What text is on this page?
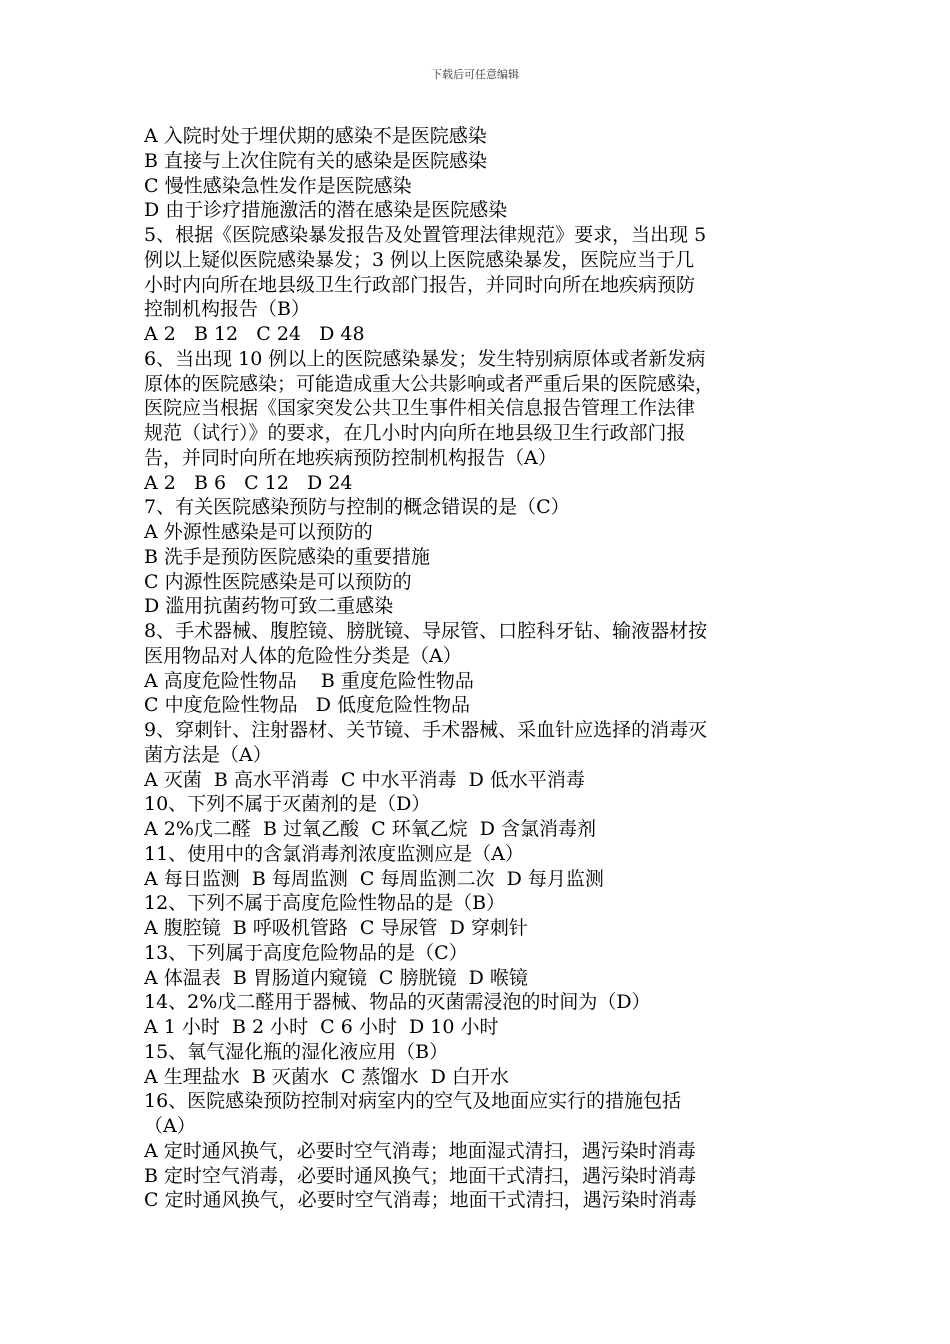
下载后可任意编辑
A 入院时处于埋伏期的感染不是医院感染
B 直接与上次住院有关的感染是医院感染
C 慢性感染急性发作是医院感染
D 由于诊疗措施激活的潜在感染是医院感染
5、根据《医院感染暴发报告及处置管理法律规范》要求，当出现 5
例以上疑似医院感染暴发；3 例以上医院感染暴发，医院应当于几
小时内向所在地县级卫生行政部门报告，并同时向所在地疾病预防
控制机构报告（B）
A 2   B 12   C 24   D 48
6、当出现 10 例以上的医院感染暴发；发生特别病原体或者新发病
原体的医院感染；可能造成重大公共影响或者严重后果的医院感染，
医院应当根据《国家突发公共卫生事件相关信息报告管理工作法律
规范（试行）》的要求，在几小时内向所在地县级卫生行政部门报
告，并同时向所在地疾病预防控制机构报告（A）
A 2   B 6   C 12   D 24
7、有关医院感染预防与控制的概念错误的是（C）
A 外源性感染是可以预防的
B 洗手是预防医院感染的重要措施
C 内源性医院感染是可以预防的
D 滥用抗菌药物可致二重感染
8、手术器械、腹腔镜、膀胱镜、导尿管、口腔科牙钻、输液器材按
医用物品对人体的危险性分类是（A）
A 高度危险性物品    B 重度危险性物品
C 中度危险性物品   D 低度危险性物品
9、穿刺针、注射器材、关节镜、手术器械、采血针应选择的消毒灭
菌方法是（A）
A 灭菌  B 高水平消毒  C 中水平消毒  D 低水平消毒
10、下列不属于灭菌剂的是（D）
A 2%戊二醛  B 过氧乙酸  C 环氧乙烷  D 含氯消毒剂
11、使用中的含氯消毒剂浓度监测应是（A）
A 每日监测  B 每周监测  C 每周监测二次  D 每月监测
12、下列不属于高度危险性物品的是（B）
A 腹腔镜  B 呼吸机管路  C 导尿管  D 穿刺针
13、下列属于高度危险物品的是（C）
A 体温表  B 胃肠道内窥镜  C 膀胱镜  D 喉镜
14、2%戊二醛用于器械、物品的灭菌需浸泡的时间为（D）
A 1 小时  B 2 小时  C 6 小时  D 10 小时
15、氧气湿化瓶的湿化液应用（B）
A 生理盐水  B 灭菌水  C 蒸馏水  D 白开水
16、医院感染预防控制对病室内的空气及地面应实行的措施包括
（A）
A 定时通风换气，必要时空气消毒；地面湿式清扫，遇污染时消毒
B 定时空气消毒，必要时通风换气；地面干式清扫，遇污染时消毒
C 定时通风换气，必要时空气消毒；地面干式清扫，遇污染时消毒
